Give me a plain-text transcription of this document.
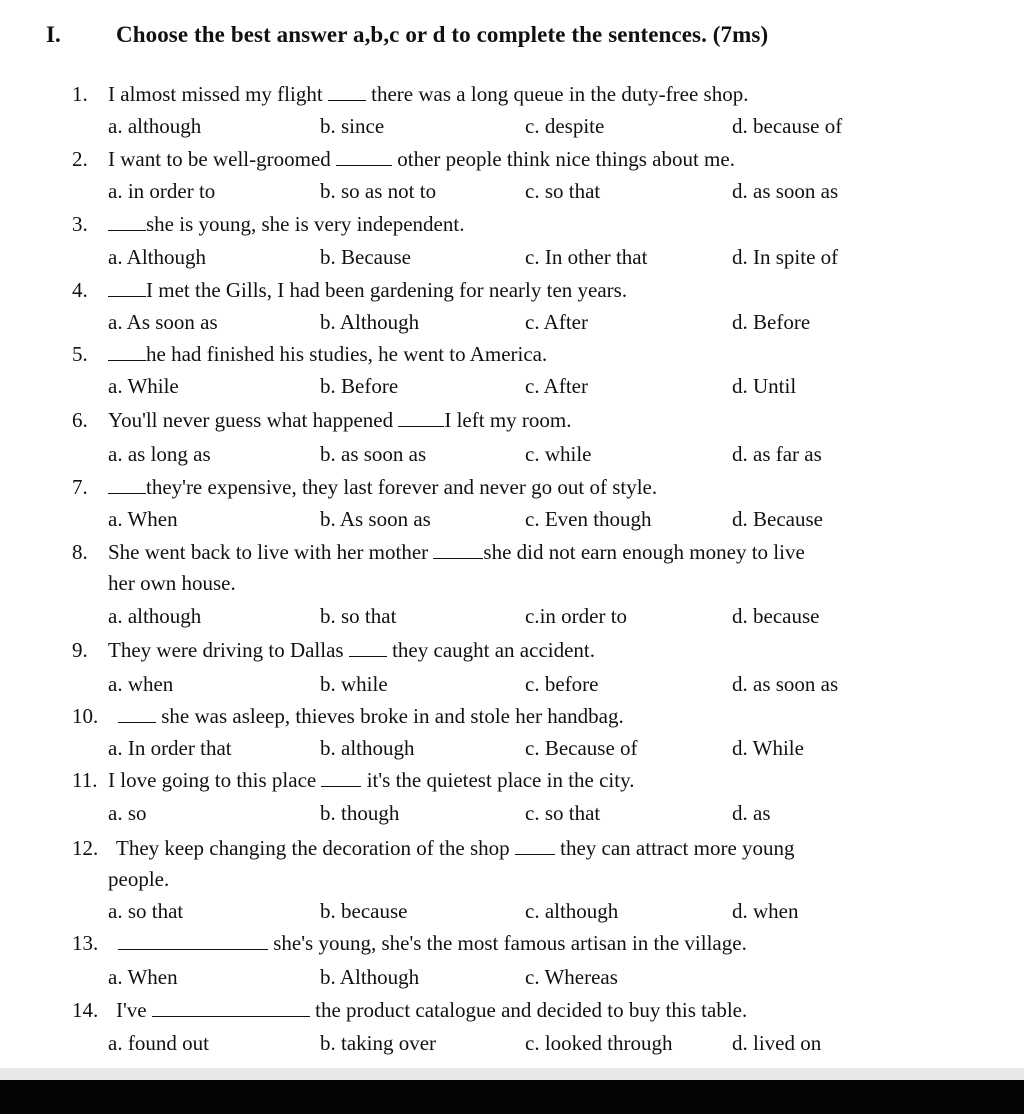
I. Choose the best answer a,b,c or d to complete the sentences. (7ms)
1. I almost missed my flight  there was a long queue in the duty-free shop.
a. although	b. since	c. despite	d. because of
2. I want to be well-groomed	other people think nice things about me.
a. in order to	b. so as not to	c. so that	d. as soon as
3.	she is young, she is very independent.
a. Although	b. Because	c. In other that	d. In spite of
4.	I met the Gills, I had been gardening for nearly ten years.
a. As soon as	b. Although	c. After	d. Before
5.	he had finished his studies, he went to America.
a. While	b. Before	c. After	d. Until
6. You'll never guess what happened I left my room.
a. as long as	b. as soon as	c. while	d. as far as
7.	they're expensive, they last forever and never go out of style.
a. When	b. As soon as	c. Even though	d. Because
8. She went back to live with her mother she did not earn enough money to live
her own house.
a. although	b. so that	c.in order to	d. because
9. They were driving to Dallas  they caught an accident.
a. when	b. while	c. before	d. as soon as
10.	she was asleep, thieves broke in and stole her handbag.
a. In order that	b. although	c. Because of	d. While
11. I love going to this place  it's the quietest place in the city.
a. so	b. though	c. so that	d. as
12. They keep changing the decoration of the shop  they can attract more young
people.
a. so that	b. because	c. although	d. when
13.	she's young, she's the most famous artisan in the village.
a. When	b. Although	c. Whereas
14. I've	the product catalogue and decided to buy this table.
a. found out	b. taking over	c. looked through	d. lived on
